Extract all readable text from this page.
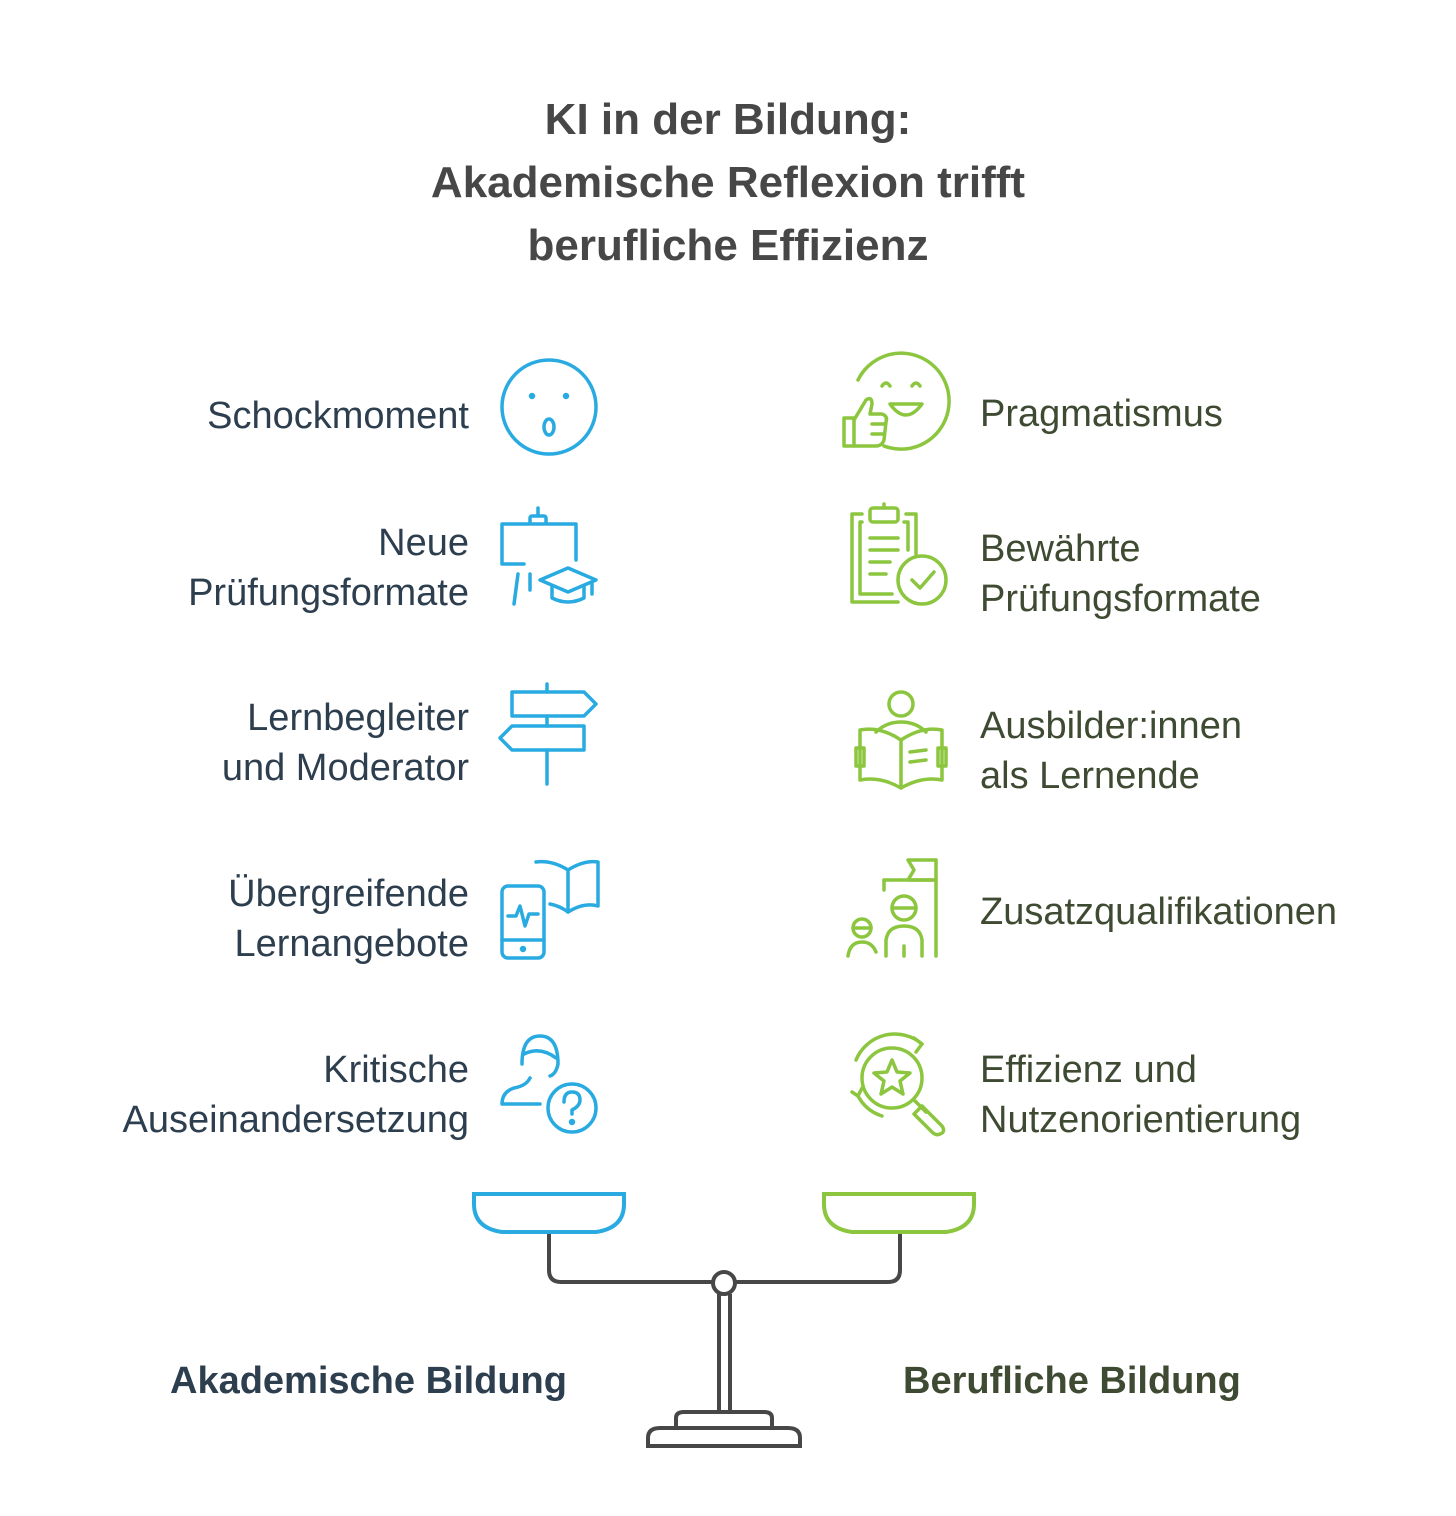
KI in der Bildung:
Akademische Reflexion trifft
berufliche Effizienz
Schockmoment
Neue
Prüfungsformate
Lernbegleiter
und Moderator
Übergreifende
Lernangebote
Kritische
Auseinandersetzung
Pragmatismus
Bewährte
Prüfungsformate
Ausbilder:innen
als Lernende
Zusatzqualifikationen
Effizienz und
Nutzenorientierung
Akademische Bildung	Berufliche Bildung
